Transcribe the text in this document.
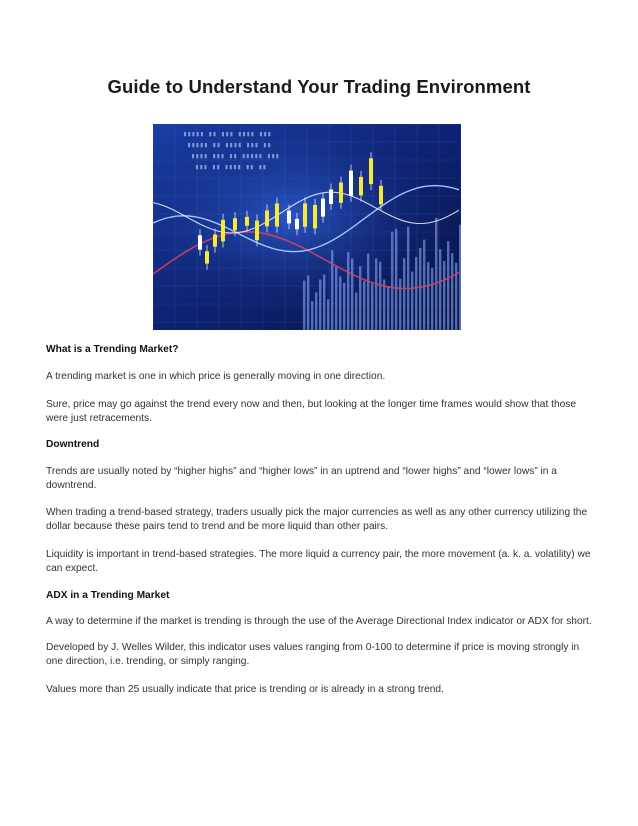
Guide to Understand Your Trading Environment
▮▮▮▮▮ ▮▮ ▮▮▮ ▮▮▮▮ ▮▮▮
▮▮▮▮▮ ▮▮ ▮▮▮▮ ▮▮▮ ▮▮
▮▮▮▮ ▮▮▮ ▮▮ ▮▮▮▮▮ ▮▮▮
▮▮▮ ▮▮ ▮▮▮▮ ▮▮ ▮▮

What is a Trending Market?

A trending market is one in which price is generally moving in one direction.

Sure, price may go against the trend every now and then, but looking at the longer time frames would show that those were just retracements.

Downtrend

Trends are usually noted by “higher highs” and “higher lows” in an uptrend and “lower highs” and “lower lows” in a downtrend.

When trading a trend-based strategy, traders usually pick the major currencies as well as any other currency utilizing the dollar because these pairs tend to trend and be more liquid than other pairs.

Liquidity is important in trend-based strategies. The more liquid a currency pair, the more movement (a. k. a. volatility) we can expect.

ADX in a Trending Market

A way to determine if the market is trending is through the use of the Average Directional Index indicator or ADX for short.

Developed by J. Welles Wilder, this indicator uses values ranging from 0-100 to determine if price is moving strongly in one direction, i.e. trending, or simply ranging.

Values more than 25 usually indicate that price is trending or is already in a strong trend.
